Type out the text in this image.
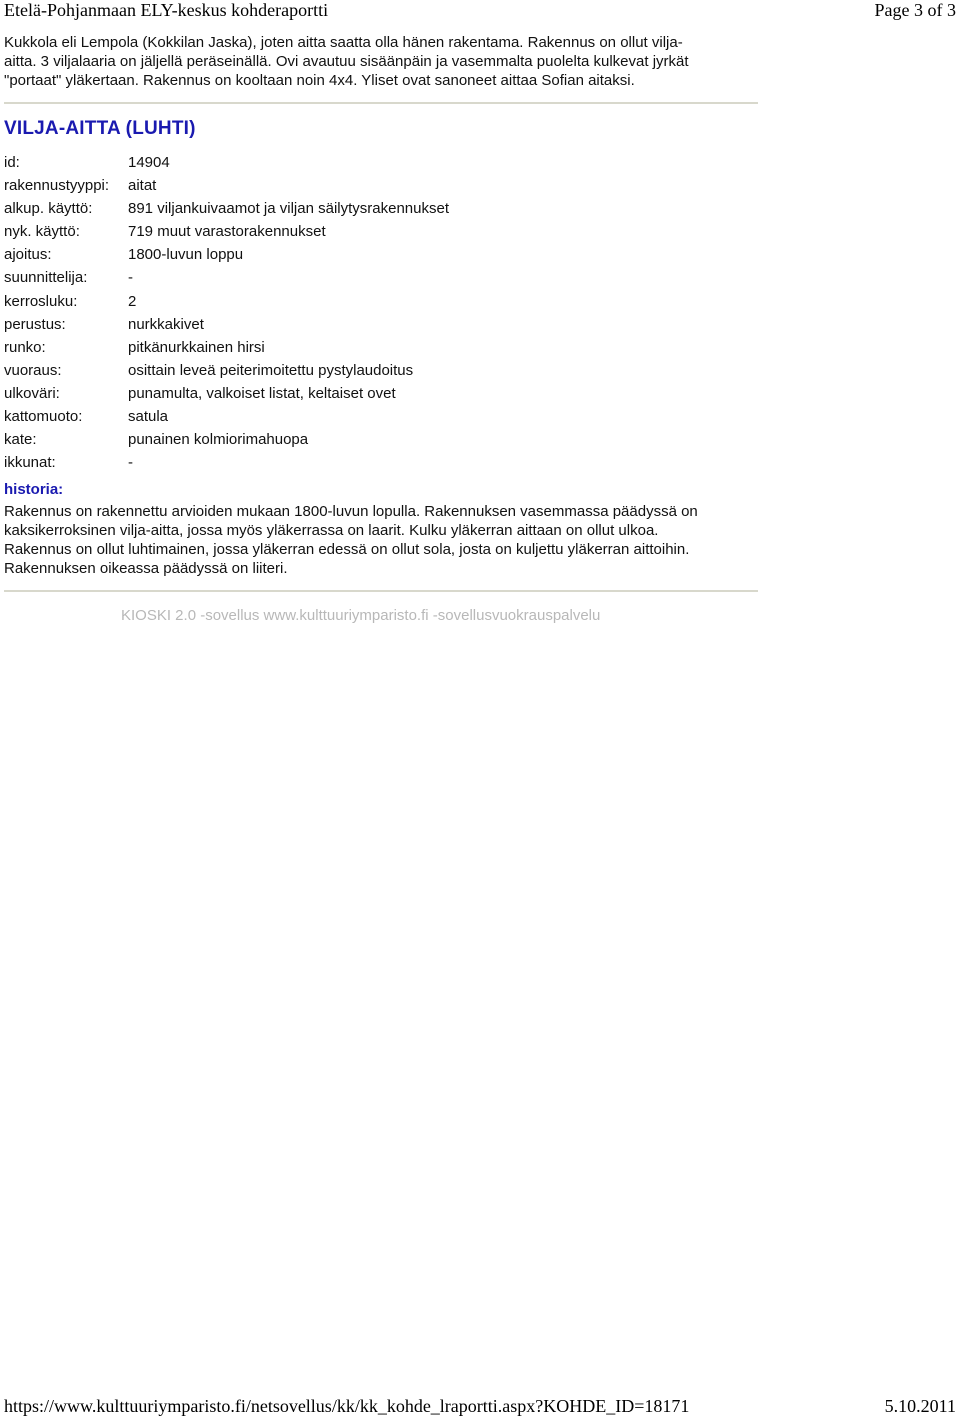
Etelä-Pohjanmaan ELY-keskus kohderaportti	Page 3 of 3
Kukkola eli Lempola (Kokkilan Jaska), joten aitta saatta olla hänen rakentama. Rakennus on ollut vilja-
aitta. 3 viljalaaria on jäljellä peräseinällä. Ovi avautuu sisäänpäin ja vasemmalta puolelta kulkevat jyrkät
"portaat" yläkertaan. Rakennus on kooltaan noin 4x4. Yliset ovat sanoneet aittaa Sofian aitaksi.
VILJA-AITTA (LUHTI)
id:	14904
rakennustyyppi: aitat
alkup. käyttö: 891 viljankuivaamot ja viljan säilytysrakennukset
nyk. käyttö:	719 muut varastorakennukset
ajoitus:	1800-luvun loppu
suunnittelija:	-
kerrosluku:	2
perustus:	nurkkakivet
runko:	pitkänurkkainen hirsi
vuoraus:	osittain leveä peiterimoitettu pystylaudoitus
ulkoväri:	punamulta, valkoiset listat, keltaiset ovet
kattomuoto:	satula
kate:	punainen kolmiorimahuopa
ikkunat:	-
historia:
Rakennus on rakennettu arvioiden mukaan 1800-luvun lopulla. Rakennuksen vasemmassa päädyssä on
kaksikerroksinen vilja-aitta, jossa myös yläkerrassa on laarit. Kulku yläkerran aittaan on ollut ulkoa.
Rakennus on ollut luhtimainen, jossa yläkerran edessä on ollut sola, josta on kuljettu yläkerran aittoihin.
Rakennuksen oikeassa päädyssä on liiteri.
KIOSKI 2.0 -sovellus www.kulttuuriymparisto.fi -sovellusvuokrauspalvelu
https://www.kulttuuriymparisto.fi/netsovellus/kk/kk_kohde_lraportti.aspx?KOHDE_ID=18171	5.10.2011
